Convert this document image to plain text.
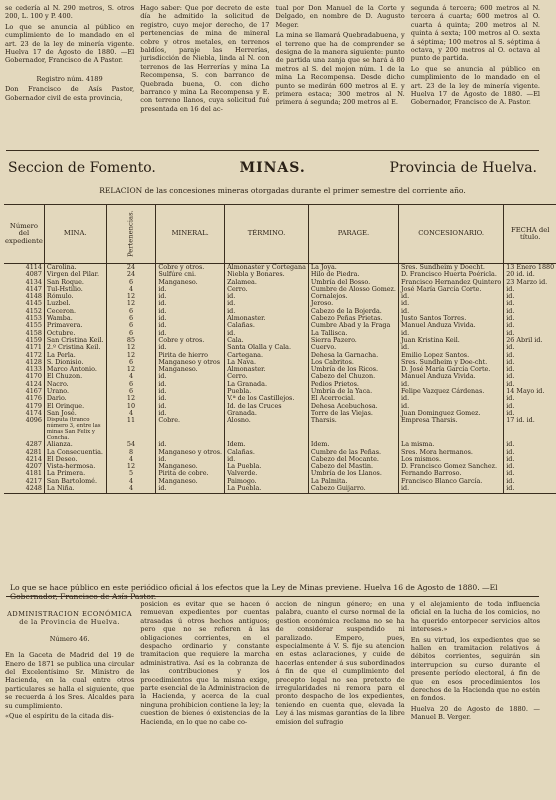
se cedería al N. 290 metros, S. otros 200, L. 100 y P. 400.

Lo que se anuncia al público en cumplimiento de lo mandado en el art. 23 de la ley de minería vigente. Huelva 17 de Agosto de 1880. —El Gobernador, Francisco de A Pastor.

Registro núm. 4189

Don Francisco de Asís Pastor, Gobernador civil de esta provincia,

Hago saber: Que por decreto de este día he admitido la solicitud de registro, cuyo mejor derecho, de 17 pertenencias de mina de mineral cobre y otros metales, en terrenos baldíos, paraje las Herrerías, jurisdicción de Niebla, linda al N. con terrenos de las Herrerías y mina La Recompensa, S. con barranco de Quebrada buena, O. con dicho barranco y mina La Recompensa y E. con terreno llanos, cuya solicitud fué presentada en 16 del ac-

tual por Don Manuel de la Corte y Delgado, en nombre de D. Augusto Meger.

La mina se llamará Quebradabuena, y el terreno que ha de comprender se designa de la manera siguiente: punto de partida una zanja que se hará á 80 metros al S. del mojon núm. 1 de la mina La Recompensa. Desde dicho punto se medirán 600 metros al E. y primera estaca; 300 metros al N. primera á segunda; 200 metros al E.

segunda á tercera; 600 metros al N. tercera á cuarta; 600 metros al O. cuarta á quinta; 200 metros al N. quinta á sexta; 100 metros al O. sexta á séptima; 100 metros al S. séptima á octava, y 200 metros al O. octava al punto de partida.

Lo que se anuncia al público en cumplimiento de lo mandado en el art. 23 de la ley de minería vigente. Huelva 17 de Agosto de 1880. —El Gobernador, Francisco de A. Pastor.

Seccion de Fomento.	MINAS.	Provincia de Huelva.
RELACION de las concesiones mineras otorgadas durante el primer semestre del corriente año.
Número del expediente	MINA.	Pertenencias.	MINERAL.	TÉRMINO.	PARAGE.	CONCESIONARIO.	FECHA del título.
4114	Carolina.	24	Cobre y otros.	Almonaster y Cortegana	La Joya.	Sres. Sundheim y Doecht.	13 Enero 1880
4087	Virgen del Pilar.	24	Sulfúre cni.	Niebla y Bonares.	Hilo de Piedra.	D. Francisco Huerta Poéricla.	20 id. id.
4134	San Roque.	6	Manganeso.	Zalamea.	Umbría del Bosso.	Francisco Hernandez Quintero	23 Marzo id.
4147	Tul-Hstilio.	4	id.	Cerro.	Cumbre de Alosso Gomez.	José María García Corte.	id.
4148	Rómulo.	12	id.	id.	Cornalejos.	id.	id.
4145	Luzbel.	12	id.	id.	Jeroso.	id.	id.
4152	Ceceron.	6	id.	id.	Cabezo de la Bojerda.	id.	id.
4153	Wamba.	6	id.	Almonaster.	Cabezo Peñas Prietas.	Justo Santos Torres.	id.
4155	Primavera.	6	id.	Calañas.	Cumbre Abad y la Fraga	Manuel Anduza Vivida.	id.
4158	Octubre.	6	id.	id.	La Tallisca.	id.	id.
4159	San Cristina Keil.	85	Cobre y otros.	Cala.	Sierra Pazero.	Juan Kristina Keil.	26 Abril id.
4171	2.º Cristina Keil.	12	id.	Santa Olalla y Cala.	Cuervo.	id.	id.
4172	La Perla.	12	Pirita de hierro	Cartegana.	Dehesa la Garnacha.	Emilio Lopez Santos.	id.
4128	S. Dionisio.	6	Manganeso y otros	La Nava.	Los Cabritos.	Sres. Sundheim y Doe-cht.	id.
4133	Marco Antonio.	12	Manganeso.	Almonaster.	Umbría de los Ricos.	D. José María García Corte.	id.
4170	El Chuzon.	4	id.	Cerro.	Cabezo del Chuzon.	Manuel Anduza Vivida.	id.
4124	Nacro.	6	id.	La Granada.	Pedios Prietos.	id.	id.
4167	Urano.	6	id.	Puebla.	Umbría de la Yaca.	Felipe Vazquez Cárdenas.	14 Mayo id.
4176	Dario.	12	id.	V.ª de los Castillejos.	El Acerrocial.	id.	id.
4179	El Orinque.	10	id.	Id. de las Cruces	Dehesa Acebuchosa.	id.	id.
4174	San José.	4	id.	Granada.	Torre de las Viejas.	Juan Dominguez Gomez.	id.
4096	Disputa (tranco número 3, entre las minas San Felix y Concha.	11	Cobre.	Alosno.	Tharsis.	Empresa Tharsis.	17 id. id.
4287	Alianza.	54	id.	Idem.	Idem.	La misma.	id.
4281	La Consecuentia.	8	Manganeso y otros.	Calañas.	Cumbre de las Peñas.	Sres. Mora hermanos.	id.
4214	El Deseo.	4	id.	id.	Cabezo del Mocante.	Los mismos.	id.
4207	Vista-hermosa.	12	Manganeso.	La Puebla.	Cabezo del Mastin.	D. Francisco Gomez Sanchez.	id.
4181	La Primera.	5	Pirita de cobre.	Valverde.	Umbría de los Llanos.	Fernando Barroso.	id.
4217	San Bartolomé.	4	Manganeso.	Paimogo.	La Palmita.	Francisco Blanco García.	id.
4248	La Niña.	4	id.	La Puebla.	Cabezo Guijarro.	id.	id.
Lo que se hace público en este periódico oficial á los efectos que la Ley de Minas previene. Huelva 16 de Agosto de 1880. —El Gobernador, Francisco de Asís Pastor.

ADMINISTRACION ECONÓMICA de la Provincia de Huelva.

Número 46.

En la Gaceta de Madrid del 19 de Enero de 1871 se publica una circular del Excelentísimo Sr. Ministro de Hacienda, en la cual entre otros particulares se halla el siguiente, que se recuerda á los Sres. Alcaldes para su cumplimiento.

«Que el espíritu de la citada dis-

posicion es evitar que se hacen ó remuevan expedientes por cuentas atrasadas ú otros hechos antiguos; pero que no se refieren á las obligaciones corrientes, en el despacho ordinario y constante tramitacion que requiere la marcha administrativa. Así es la cobranza de las contribuciones y los procedimientos que la misma exige, parte esencial de la Administracion de la Hacienda, y acerca de la cual ninguna prohibicion contiene la ley; la cuestion de bienes ó existencias de la Hacienda, en lo que no cabe co-

accion de ningun género; en una palabra, cuanto el curso normal de la gestion económica reclama no se ha de considerar suspendido ni paralizado. Empero, pues, especialmente á V. S. fije su atencion en estas aclaraciones, y cuide de hacerlas entender á sus subordinados á fin de que el cumplimiento del precepto legal no sea pretexto de irregularidades ni remora para el pronto despacho de los expedientes, teniendo en cuenta que, elevada la Ley á las mismas garantías de la libre emision del sufragio

y el alejamiento de toda influencia oficial en la lucha de los comicios, no ha querido entorpecer servicios altos intereses.»

En su virtud, los expedientes que se hallen en tramitacion relativos á débitos corrientes, seguirán sin interrupcion su curso durante el presente período electoral, á fin de que en esos procedimientos los derechos de la Hacienda que no estén en fondos.

Huelva 20 de Agosto de 1880. —Manuel B. Verger.
